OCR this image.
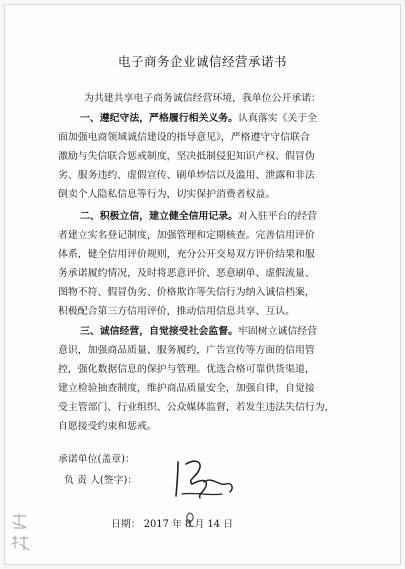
电子商务企业诚信经营承诺书
为共建共享电子商务诚信经营环境，我单位公开承诺：
一、遵纪守法，严格履行相关义务。认真落实《关于全
面加强电商领域诚信建设的指导意见》，严格遵守守信联合
激励与失信联合惩戒制度，坚决抵制侵犯知识产权、假冒伪
劣、服务违约、虚假宣传、刷单炒信以及滥用、泄露和非法
倒卖个人隐私信息等行为，切实保护消费者权益。
二、积极立信，建立健全信用记录。对入驻平台的经营
者建立实名登记制度，加强管理和定期核查。完善信用评价
体系，健全信用评价规则，充分公开交易双方评价结果和服
务承诺履约情况，及时将恶意评价、恶意刷单、虚假流量、
图物不符、假冒伪劣、价格欺诈等失信行为纳入诚信档案，
积极配合第三方信用评价，推动信用信息共享、互认。
三、诚信经营，自觉接受社会监督。牢固树立诚信经营
意识，加强商品质量、服务履约，广告宣传等方面的信用管
控，强化数据信息的保护与管理。优选合格可靠供货渠道，
建立检验抽查制度，维护商品质量安全，加强自律，自觉接
受主管部门、行业组织、公众媒体监督，若发生违法失信行为，
自愿接受约束和惩戒。
承诺单位(盖章)：
负 责 人(签字)：
日期： 2017 年 8 月 14 日
